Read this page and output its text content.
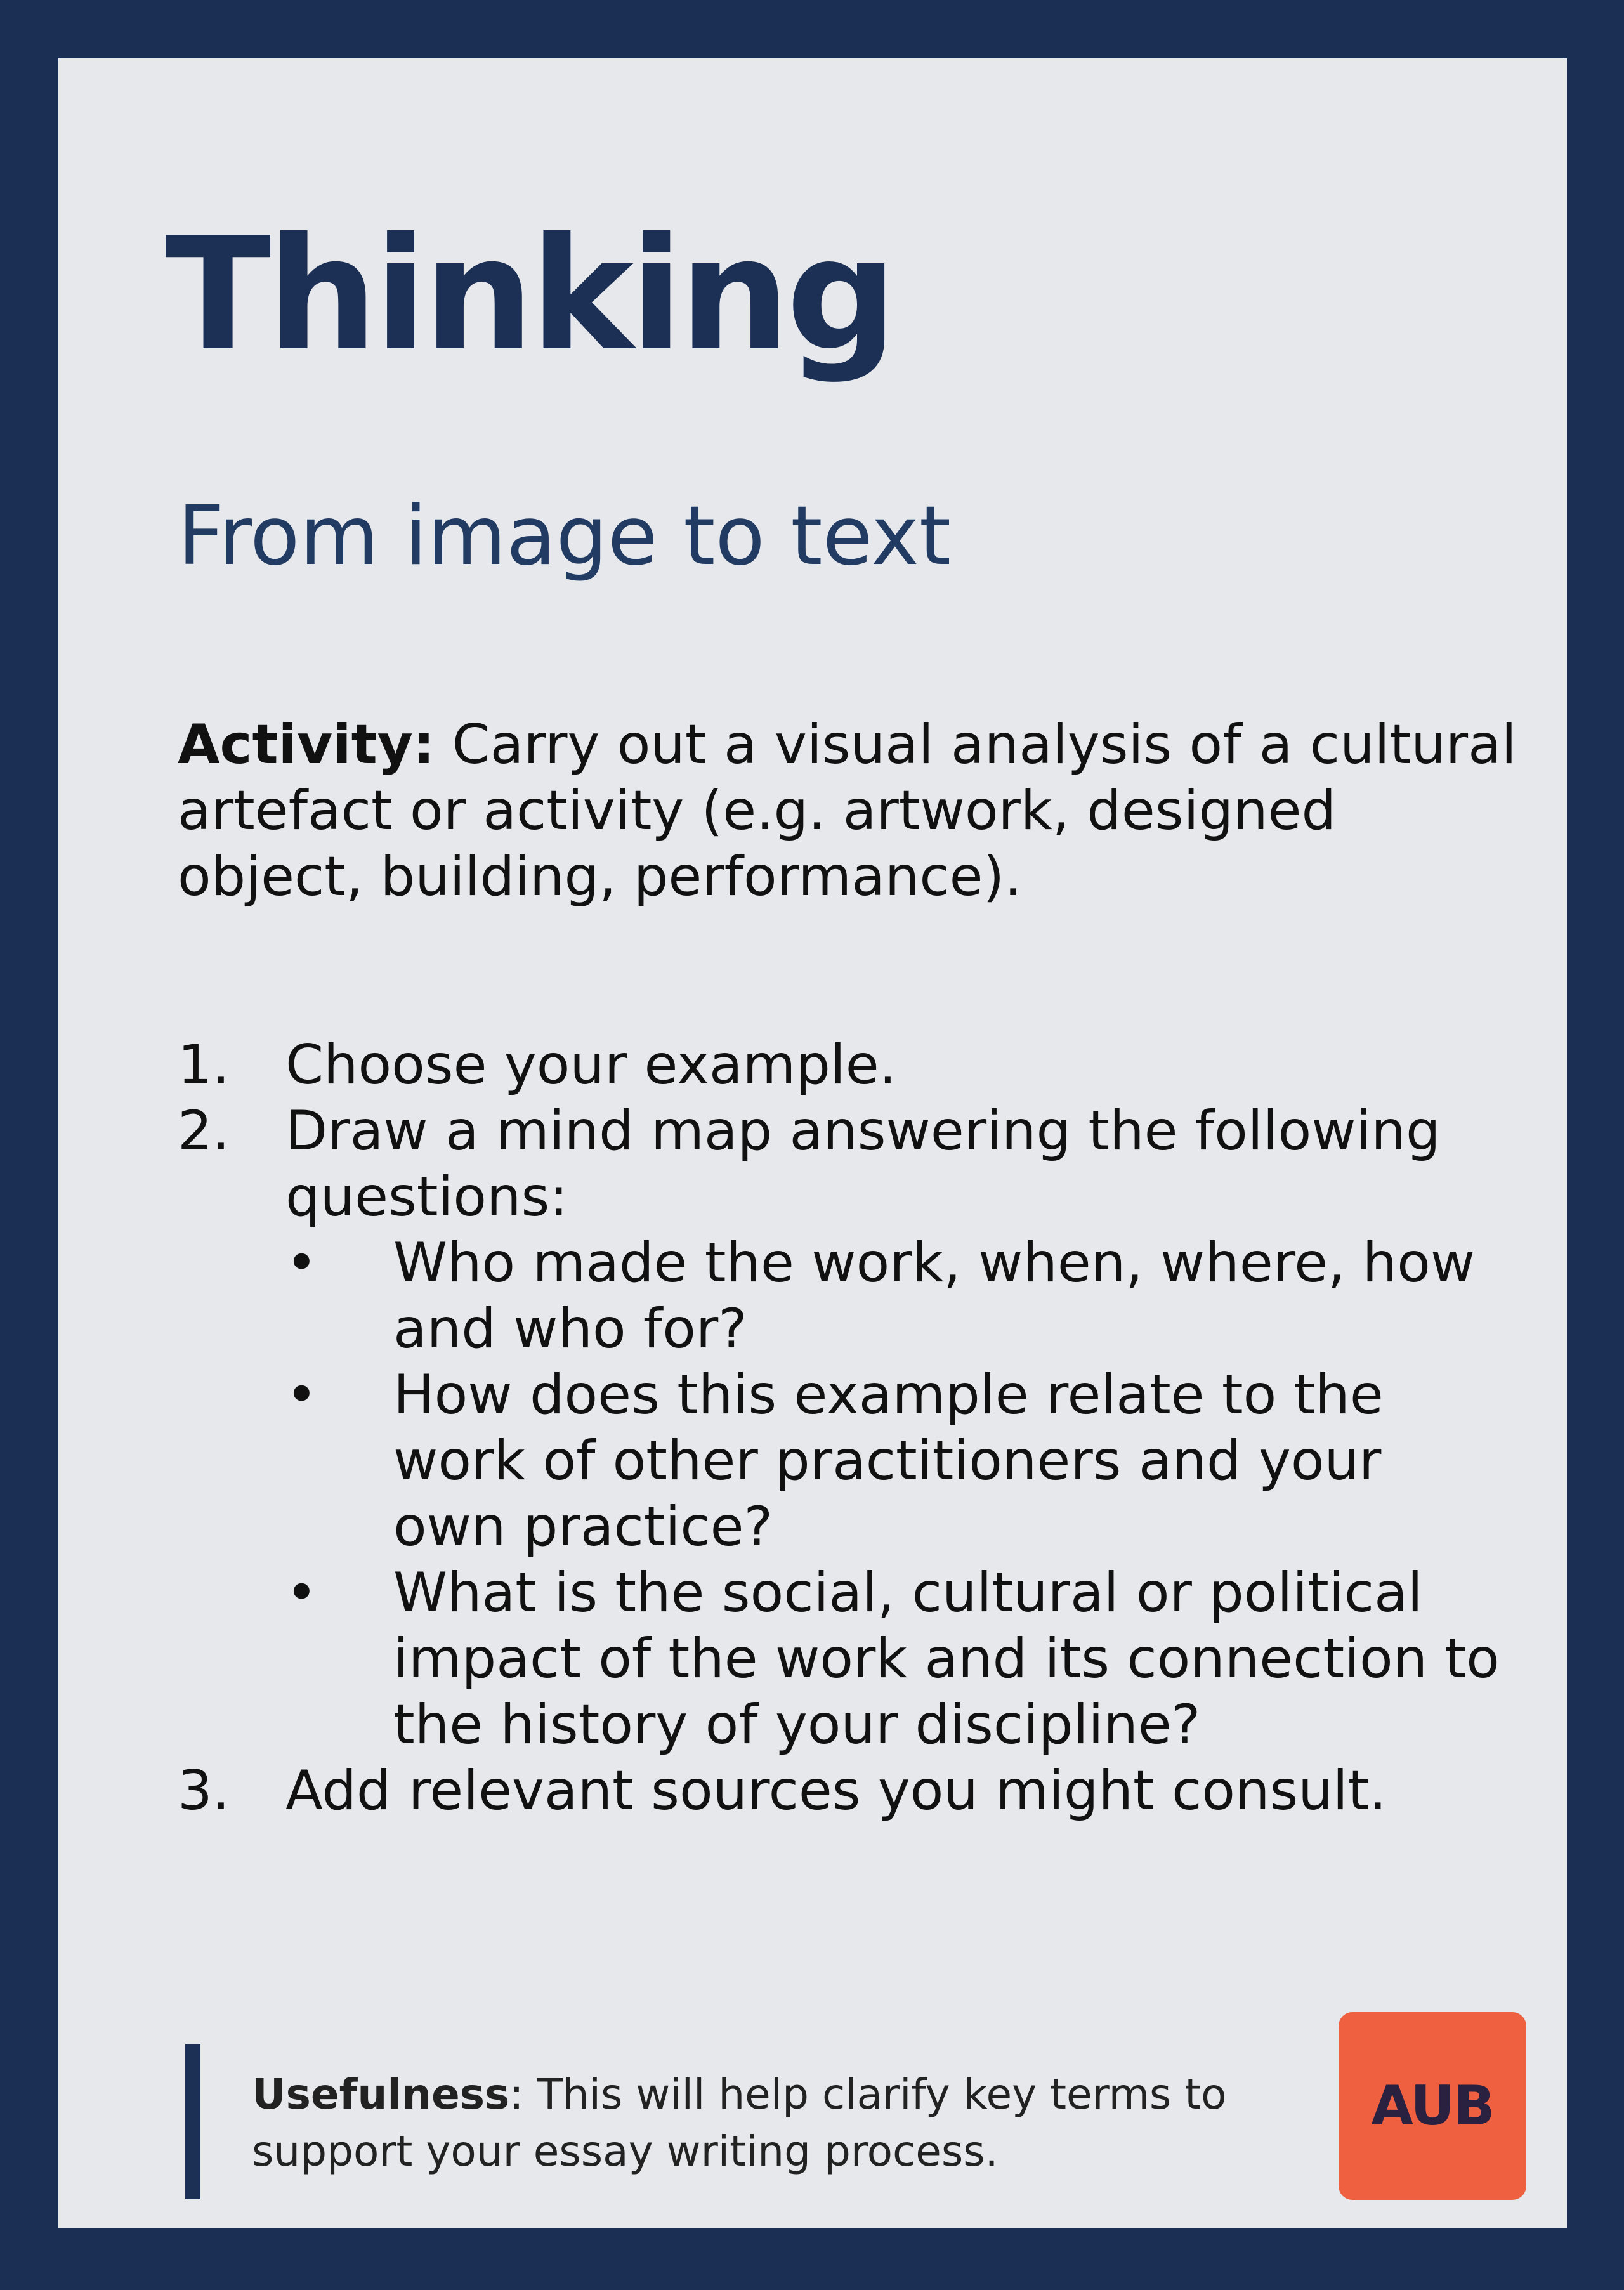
Thinking
From image to text
Activity: Carry out a visual analysis of a cultural artefact or activity (e.g. artwork, designed object, building, performance).
1.	Choose your example.
2.	Draw a mind map answering the following questions:
•	Who made the work, when, where, how and who for?
•	How does this example relate to the work of other practitioners and your own practice?
•	What is the social, cultural or political impact of the work and its connection to the history of your discipline?
3.	Add relevant sources you might consult.
Usefulness: This will help clarify key terms to support your essay writing process.
AUB
